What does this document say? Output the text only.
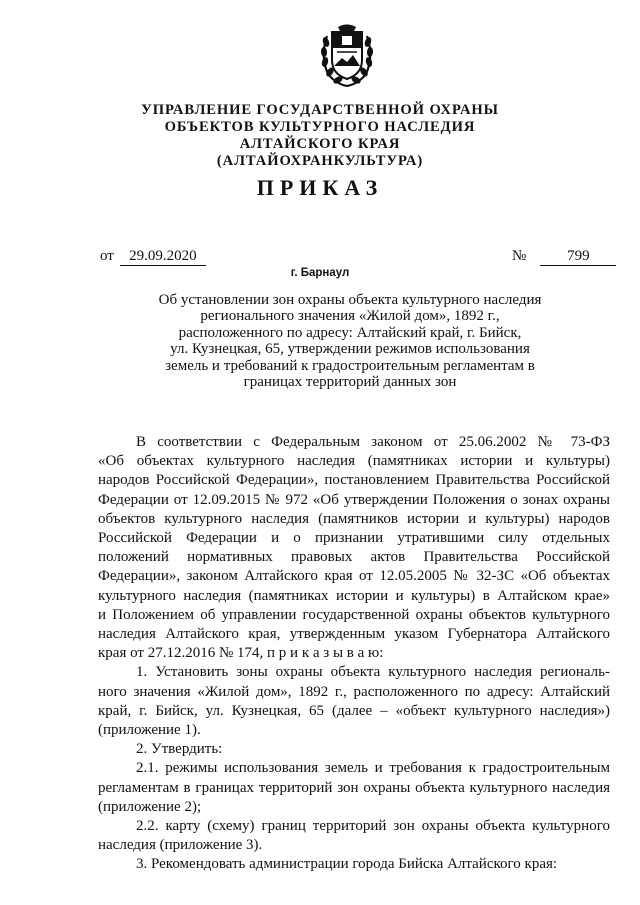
УПРАВЛЕНИЕ ГОСУДАРСТВЕННОЙ ОХРАНЫ
ОБЪЕКТОВ КУЛЬТУРНОГО НАСЛЕДИЯ
АЛТАЙСКОГО КРАЯ
(АЛТАЙОХРАНКУЛЬТУРА)
ПРИКАЗ
от 29.09.2020	№	799
г. Барнаул
Об установлении зон охраны объекта культурного наследия
регионального значения «Жилой дом», 1892 г.,
расположенного по адресу: Алтайский край, г. Бийск,
ул. Кузнецкая, 65, утверждении режимов использования
земель и требований к градостроительным регламентам в
границах территорий данных зон
В соответствии с Федеральным законом от 25.06.2002 № 73-ФЗ
«Об объектах культурного наследия (памятниках истории и культуры)
народов Российской Федерации», постановлением Правительства Российской
Федерации от 12.09.2015 № 972 «Об утверждении Положения о зонах охраны
объектов культурного наследия (памятников истории и культуры) народов
Российской Федерации и о признании утратившими силу отдельных
положений нормативных правовых актов Правительства Российской
Федерации», законом Алтайского края от 12.05.2005 № 32-ЗС «Об объектах
культурного наследия (памятниках истории и культуры) в Алтайском крае»
и Положением об управлении государственной охраны объектов культурного
наследия Алтайского края, утвержденным указом Губернатора Алтайского
края от 27.12.2016 № 174, п р и к а з ы в а ю:
1. Установить зоны охраны объекта культурного наследия региональ-
ного значения «Жилой дом», 1892 г., расположенного по адресу: Алтайский
край, г. Бийск, ул. Кузнецкая, 65 (далее – «объект культурного наследия»)
(приложение 1).
2. Утвердить:
2.1. режимы использования земель и требования к градостроительным
регламентам в границах территорий зон охраны объекта культурного наследия
(приложение 2);
2.2. карту (схему) границ территорий зон охраны объекта культурного
наследия (приложение 3).
3. Рекомендовать администрации города Бийска Алтайского края:
